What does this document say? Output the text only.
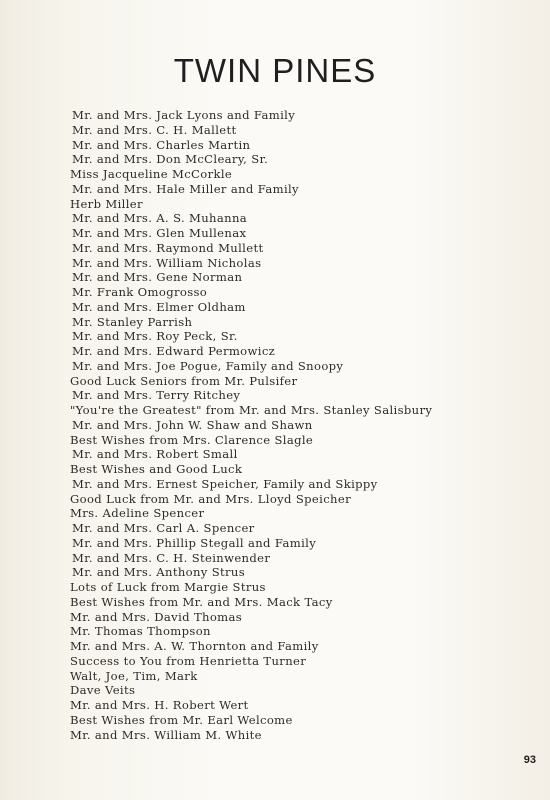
TWIN PINES
Mr. and Mrs. Jack Lyons and Family
Mr. and Mrs. C. H. Mallett
Mr. and Mrs. Charles Martin
Mr. and Mrs. Don McCleary, Sr.
Miss Jacqueline McCorkle
Mr. and Mrs. Hale Miller and Family
Herb Miller
Mr. and Mrs. A. S. Muhanna
Mr. and Mrs. Glen Mullenax
Mr. and Mrs. Raymond Mullett
Mr. and Mrs. William Nicholas
Mr. and Mrs. Gene Norman
Mr. Frank Omogrosso
Mr. and Mrs. Elmer Oldham
Mr. Stanley Parrish
Mr. and Mrs. Roy Peck, Sr.
Mr. and Mrs. Edward Permowicz
Mr. and Mrs. Joe Pogue, Family and Snoopy
Good Luck Seniors from Mr. Pulsifer
Mr. and Mrs. Terry Ritchey
"You're the Greatest" from Mr. and Mrs. Stanley Salisbury
Mr. and Mrs. John W. Shaw and Shawn
Best Wishes from Mrs. Clarence Slagle
Mr. and Mrs. Robert Small
Best Wishes and Good Luck
Mr. and Mrs. Ernest Speicher, Family and Skippy
Good Luck from Mr. and Mrs. Lloyd Speicher
Mrs. Adeline Spencer
Mr. and Mrs. Carl A. Spencer
Mr. and Mrs. Phillip Stegall and Family
Mr. and Mrs. C. H. Steinwender
Mr. and Mrs. Anthony Strus
Lots of Luck from Margie Strus
Best Wishes from Mr. and Mrs. Mack Tacy
Mr. and Mrs. David Thomas
Mr. Thomas Thompson
Mr. and Mrs. A. W. Thornton and Family
Success to You from Henrietta Turner
Walt, Joe, Tim, Mark
Dave Veits
Mr. and Mrs. H. Robert Wert
Best Wishes from Mr. Earl Welcome
Mr. and Mrs. William M. White
93
